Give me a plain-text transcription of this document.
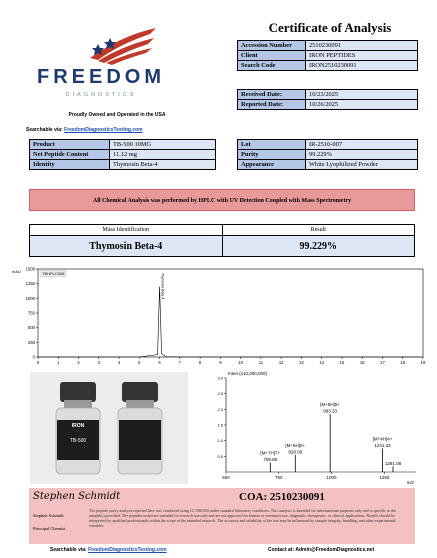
FREEDOM
DIAGNOSTICS
Proudly Owned and Operated in the USA
Searchable via: FreedomDiagnosticsTesting.com
Certificate of Analysis
Accession Number	2510230091
Client	IRON PEPTIDES
Search Code	IRON2510230091
Received Date:	10/23/2025
Reported Date:	10/26/2025
Product	TB-500 10MG
Net Peptide Content	11.12 mg
Identity	Thymosin Beta-4
Lot	IR-2510-007
Purity	99.229%
Appearance	White Lyophilized Powder
All Chemical Analysis was performed by HPLC with UV Detection Coupled with Mass Spectrometry
Mass Identification	Result
Thymosin Beta-4	99.229%
0
250
500
750
1000
1250
1500
mAU
0	1	2	3	4	5	6	7	8	9	10	11	12	13	14	15	16	17	18	19
TBHPLC008	Thymosin Beta-4
IRON
TB-500
Inten.(x10,000,000)
0.5
1.0
1.5
2.0
2.5
3.0
500	750	1000	1250
m/z
709.88
[M+7H]7+ 828.09
[M+6H]6+
993.33
[M+5H]5+
1241.33
[M+4H]4+
1291.08
Stephen Schmidt	COA: 2510230091
Stephen Schmidt
Principal Chemist
The peptide purity analysis reported here was conducted using LC-MS/MS under standard laboratory conditions. This analysis is intended for informational purposes only and is specific to the sample(s) provided. The peptides tested are intended for research use only and are not approved for human or veterinary use, diagnostic, therapeutic, or clinical applications. Results should be interpreted by qualified professionals within the scope of the intended research. The accuracy and reliability of the test may be influenced by sample integrity, handling, and other experimental variables.
Searchable via: FreedomDiagnosticsTesting.com	Contact at: Admin@FreedomDiagnostics.net
